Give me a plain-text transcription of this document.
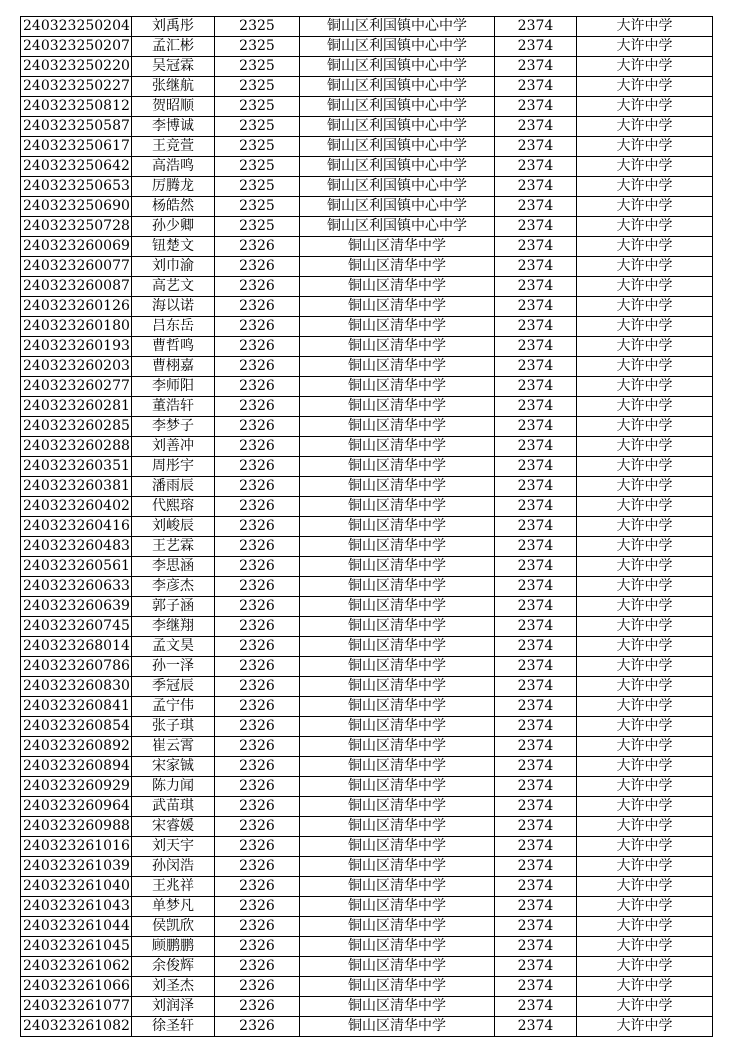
240323250204	刘禹彤	2325	铜山区利国镇中心中学	2374	大许中学
240323250207	孟汇彬	2325	铜山区利国镇中心中学	2374	大许中学
240323250220	吴冠霖	2325	铜山区利国镇中心中学	2374	大许中学
240323250227	张继航	2325	铜山区利国镇中心中学	2374	大许中学
240323250812	贺昭顺	2325	铜山区利国镇中心中学	2374	大许中学
240323250587	李博诚	2325	铜山区利国镇中心中学	2374	大许中学
240323250617	王竞萱	2325	铜山区利国镇中心中学	2374	大许中学
240323250642	高浩鸣	2325	铜山区利国镇中心中学	2374	大许中学
240323250653	厉腾龙	2325	铜山区利国镇中心中学	2374	大许中学
240323250690	杨皓然	2325	铜山区利国镇中心中学	2374	大许中学
240323250728	孙少卿	2325	铜山区利国镇中心中学	2374	大许中学
240323260069	钮楚文	2326	铜山区清华中学	2374	大许中学
240323260077	刘巾渝	2326	铜山区清华中学	2374	大许中学
240323260087	高艺文	2326	铜山区清华中学	2374	大许中学
240323260126	海以诺	2326	铜山区清华中学	2374	大许中学
240323260180	吕东岳	2326	铜山区清华中学	2374	大许中学
240323260193	曹哲鸣	2326	铜山区清华中学	2374	大许中学
240323260203	曹栩嘉	2326	铜山区清华中学	2374	大许中学
240323260277	李师阳	2326	铜山区清华中学	2374	大许中学
240323260281	董浩轩	2326	铜山区清华中学	2374	大许中学
240323260285	李梦子	2326	铜山区清华中学	2374	大许中学
240323260288	刘善冲	2326	铜山区清华中学	2374	大许中学
240323260351	周彤宇	2326	铜山区清华中学	2374	大许中学
240323260381	潘雨辰	2326	铜山区清华中学	2374	大许中学
240323260402	代熙瑢	2326	铜山区清华中学	2374	大许中学
240323260416	刘峻辰	2326	铜山区清华中学	2374	大许中学
240323260483	王艺霖	2326	铜山区清华中学	2374	大许中学
240323260561	李思涵	2326	铜山区清华中学	2374	大许中学
240323260633	李彦杰	2326	铜山区清华中学	2374	大许中学
240323260639	郭子涵	2326	铜山区清华中学	2374	大许中学
240323260745	李继翔	2326	铜山区清华中学	2374	大许中学
240323268014	孟文昊	2326	铜山区清华中学	2374	大许中学
240323260786	孙一泽	2326	铜山区清华中学	2374	大许中学
240323260830	季冠辰	2326	铜山区清华中学	2374	大许中学
240323260841	孟宁伟	2326	铜山区清华中学	2374	大许中学
240323260854	张子琪	2326	铜山区清华中学	2374	大许中学
240323260892	崔云霄	2326	铜山区清华中学	2374	大许中学
240323260894	宋家铖	2326	铜山区清华中学	2374	大许中学
240323260929	陈力闻	2326	铜山区清华中学	2374	大许中学
240323260964	武苗琪	2326	铜山区清华中学	2374	大许中学
240323260988	宋睿媛	2326	铜山区清华中学	2374	大许中学
240323261016	刘天宇	2326	铜山区清华中学	2374	大许中学
240323261039	孙闵浩	2326	铜山区清华中学	2374	大许中学
240323261040	王兆祥	2326	铜山区清华中学	2374	大许中学
240323261043	单梦凡	2326	铜山区清华中学	2374	大许中学
240323261044	侯凯欣	2326	铜山区清华中学	2374	大许中学
240323261045	顾鹏鹏	2326	铜山区清华中学	2374	大许中学
240323261062	余俊辉	2326	铜山区清华中学	2374	大许中学
240323261066	刘圣杰	2326	铜山区清华中学	2374	大许中学
240323261077	刘润泽	2326	铜山区清华中学	2374	大许中学
240323261082	徐圣轩	2326	铜山区清华中学	2374	大许中学
